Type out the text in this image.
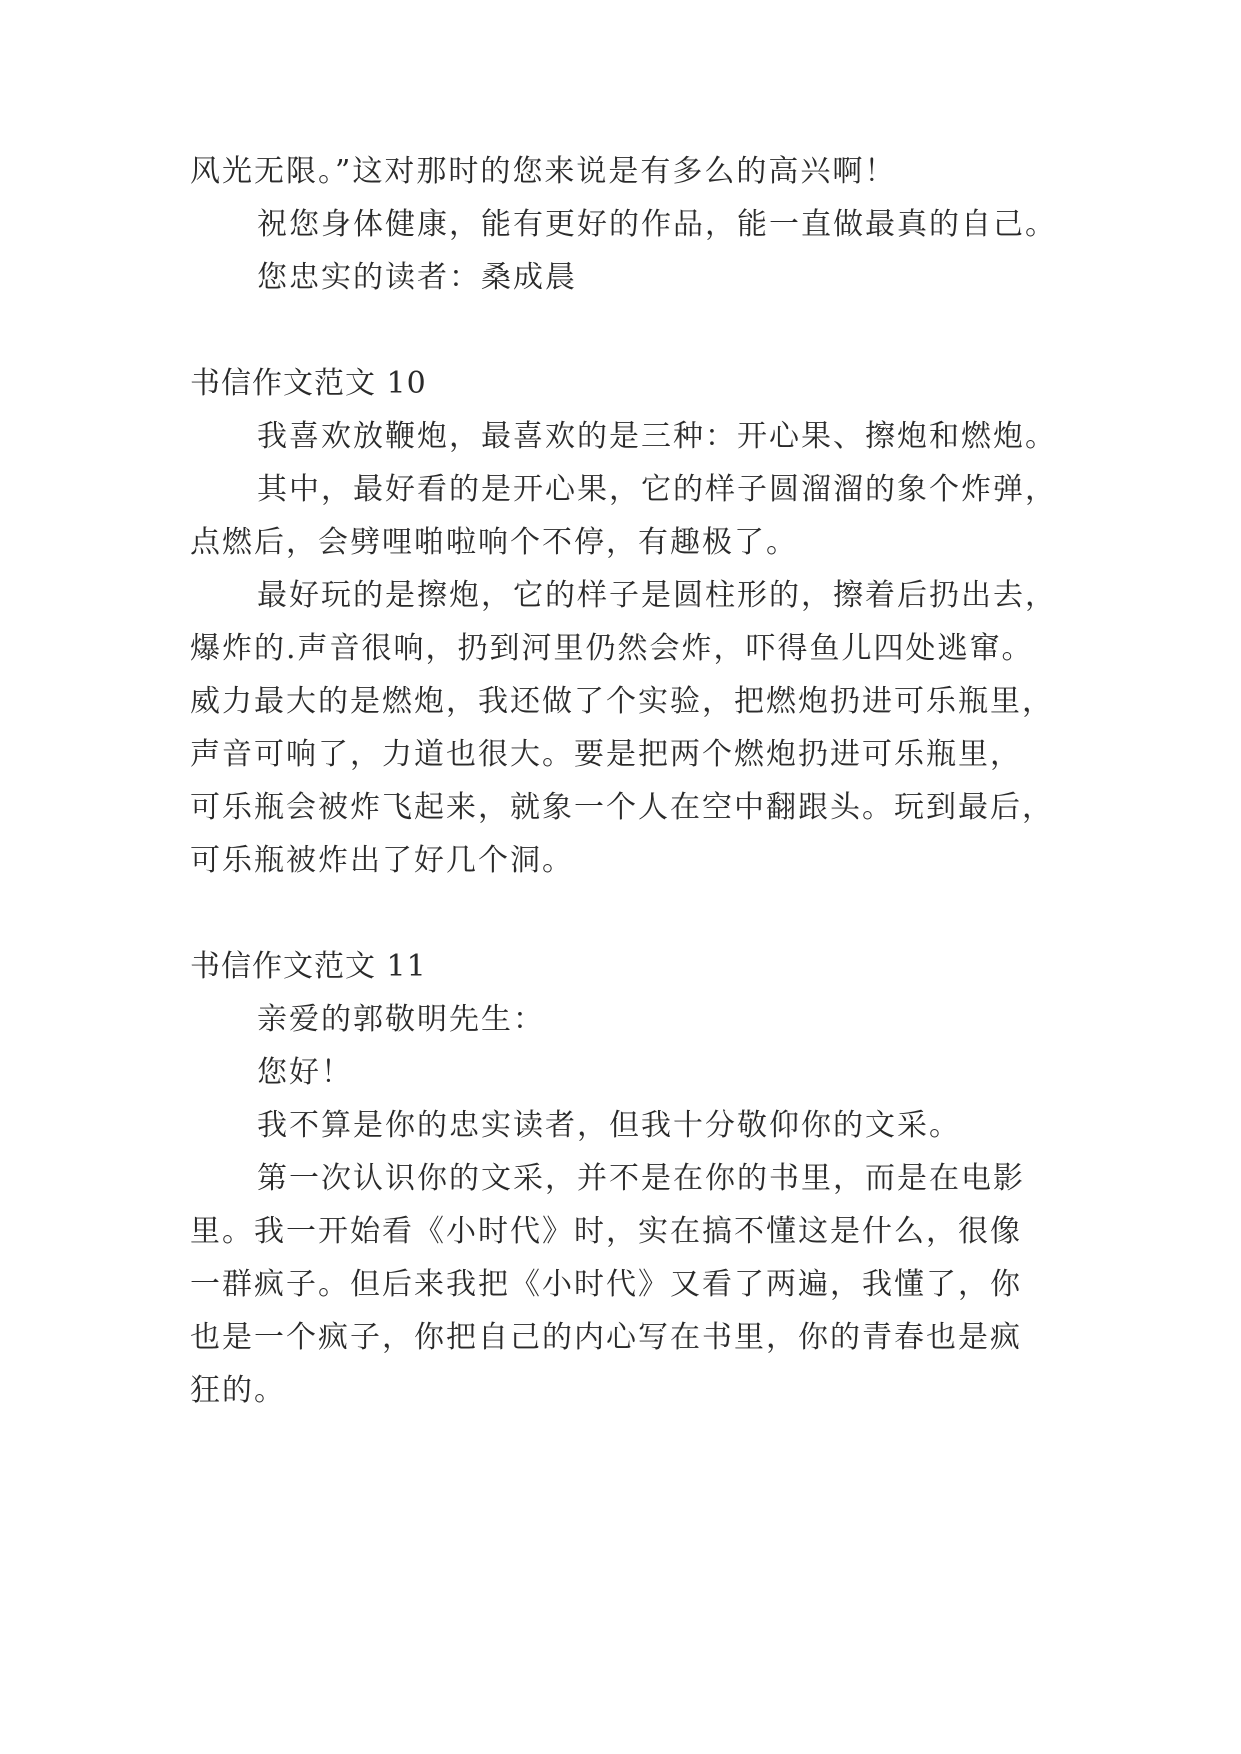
风光无限。”这对那时的您来说是有多么的高兴啊！

祝您身体健康，能有更好的作品，能一直做最真的自己。

您忠实的读者：桑成晨

书信作文范文 10

我喜欢放鞭炮，最喜欢的是三种：开心果、擦炮和燃炮。

其中，最好看的是开心果，它的样子圆溜溜的象个炸弹，

点燃后，会劈哩啪啦响个不停，有趣极了。

最好玩的是擦炮，它的样子是圆柱形的，擦着后扔出去，

爆炸的.声音很响，扔到河里仍然会炸，吓得鱼儿四处逃窜。

威力最大的是燃炮，我还做了个实验，把燃炮扔进可乐瓶里，

声音可响了，力道也很大。要是把两个燃炮扔进可乐瓶里，

可乐瓶会被炸飞起来，就象一个人在空中翻跟头。玩到最后，

可乐瓶被炸出了好几个洞。

书信作文范文 11

亲爱的郭敬明先生：

您好！

我不算是你的忠实读者，但我十分敬仰你的文采。

第一次认识你的文采，并不是在你的书里，而是在电影

里。我一开始看《小时代》时，实在搞不懂这是什么，很像

一群疯子。但后来我把《小时代》又看了两遍，我懂了，你

也是一个疯子，你把自己的内心写在书里，你的青春也是疯

狂的。
